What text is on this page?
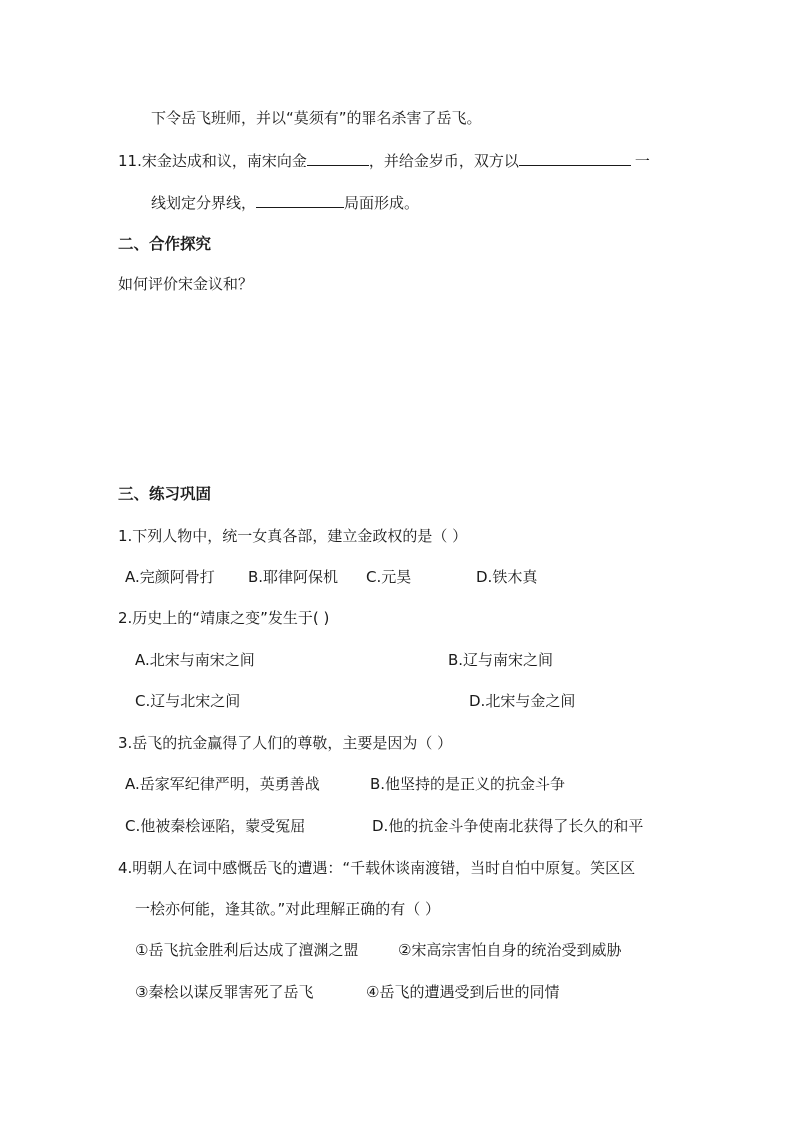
下令岳飞班师，并以“莫须有”的罪名杀害了岳飞。
11.宋金达成和议，南宋向金	，并给金岁币，双方以	一
线划定分界线，	局面形成。
二、合作探究
如何评价宋金议和？
三、练习巩固
1.下列人物中，统一女真各部，建立金政权的是（ ）
A.完颜阿骨打 B.耶律阿保机 C.元昊	D.铁木真
2.历史上的“靖康之变”发生于( )
A.北宋与南宋之间	B.辽与南宋之间
C.辽与北宋之间	D.北宋与金之间
3.岳飞的抗金赢得了人们的尊敬，主要是因为（ ）
A.岳家军纪律严明，英勇善战	B.他坚持的是正义的抗金斗争
C.他被秦桧诬陷，蒙受冤屈	D.他的抗金斗争使南北获得了长久的和平
4.明朝人在词中感慨岳飞的遭遇：“千载休谈南渡错，当时自怕中原复。笑区区
一桧亦何能，逢其欲。”对此理解正确的有（ ）
①岳飞抗金胜利后达成了澶渊之盟	②宋高宗害怕自身的统治受到威胁
③秦桧以谋反罪害死了岳飞	④岳飞的遭遇受到后世的同情
